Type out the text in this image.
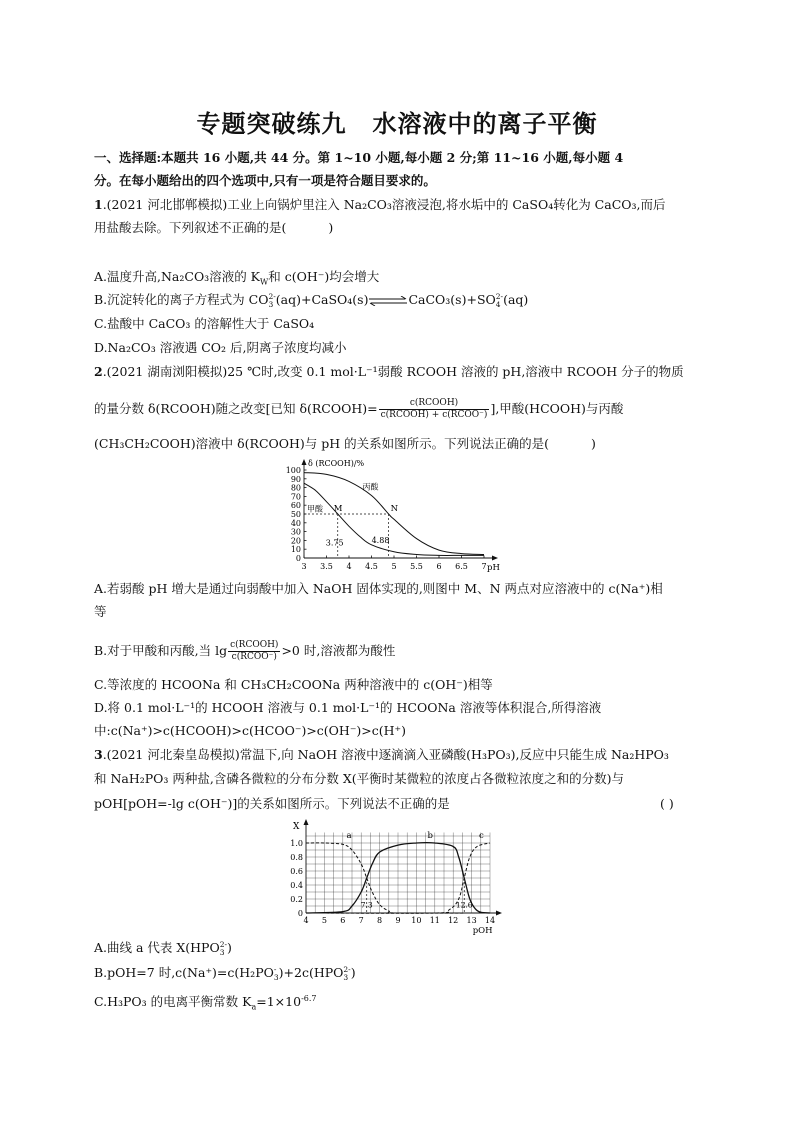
专题突破练九 水溶液中的离子平衡
一、选择题:本题共 16 小题,共 44 分。第 1~10 小题,每小题 2 分;第 11~16 小题,每小题 4
分。在每小题给出的四个选项中,只有一项是符合题目要求的。
1.(2021 河北邯郸模拟)工业上向锅炉里注入 Na₂CO₃溶液浸泡,将水垢中的 CaSO₄转化为 CaCO₃,而后
用盐酸去除。下列叙述不正确的是(	)
A.温度升高,Na₂CO₃溶液的 $K_W$和 c(OH⁻)均会增大
B.沉淀转化的离子方程式为 CO 2-
3 (aq)+CaSO₄(s)⇌CaCO₃(s)+SO 2-
4 (aq)
C.盐酸中 CaCO₃ 的溶解性大于 CaSO₄
D.Na₂CO₃ 溶液遇 CO₂ 后,阴离子浓度均减小
2.(2021 湖南浏阳模拟)25 ℃时,改变 0.1 mol·L⁻¹弱酸 RCOOH 溶液的 pH,溶液中 RCOOH 分子的物质
的量分数 δ(RCOOH)随之改变[已知 δ(RCOOH)= $\frac{\text{c(RCOOH)}}{\text{c(RCOOH) + c(RCOO⁻)}}$ ],甲酸(HCOOH)与丙酸
(CH₃CH₂COOH)溶液中 δ(RCOOH)与 pH 的关系如图所示。下列说法正确的是(	)
δ (RCOOH)/%
pH
0
10
20
30
40
50
60
70
80
90
100
3 3.5 4 4.5 5 5.5 6 6.5 7
甲酸
丙酸
M	N
3.75	4.88
A.若弱酸 pH 增大是通过向弱酸中加入 NaOH 固体实现的,则图中 M、N 两点对应溶液中的 c(Na⁺)相
等
B.对于甲酸和丙酸,当 $\lg \frac{\text{c(RCOOH)}}{\text{c(RCOO⁻)}} >0$ 时,溶液都为酸性
C.等浓度的 HCOONa 和 CH₃CH₂COONa 两种溶液中的 c(OH⁻)相等
D.将 0.1 mol·L⁻¹的 HCOOH 溶液与 0.1 mol·L⁻¹的 HCOONa 溶液等体积混合,所得溶液
中:c(Na⁺)>c(HCOOH)>c(HCOO⁻)>c(OH⁻)>c(H⁺)
3.(2021 河北秦皇岛模拟)常温下,向 NaOH 溶液中逐滴滴入亚磷酸(H₃PO₃),反应中只能生成 Na₂HPO₃
和 NaH₂PO₃ 两种盐,含磷各微粒的分布分数 X(平衡时某微粒的浓度占各微粒浓度之和的分数)与
pOH[pOH=-lg c(OH⁻)]的关系如图所示。下列说法不正确的是	( )
X
pOH
0
0.2
0.4
0.6
0.8
1.0
4 5 6 7 8 9 10 11 12 13 14
a	b	c
7.3	12.6
A.曲线 a 代表 X(HPO 2-
3 )
B.pOH=7 时,c(Na⁺)=c(H₂PO -
3 )+2c(HPO 2-
3 )
C.H₃PO₃ 的电离平衡常数 $K_a=1\times 10^{-6.7}$
